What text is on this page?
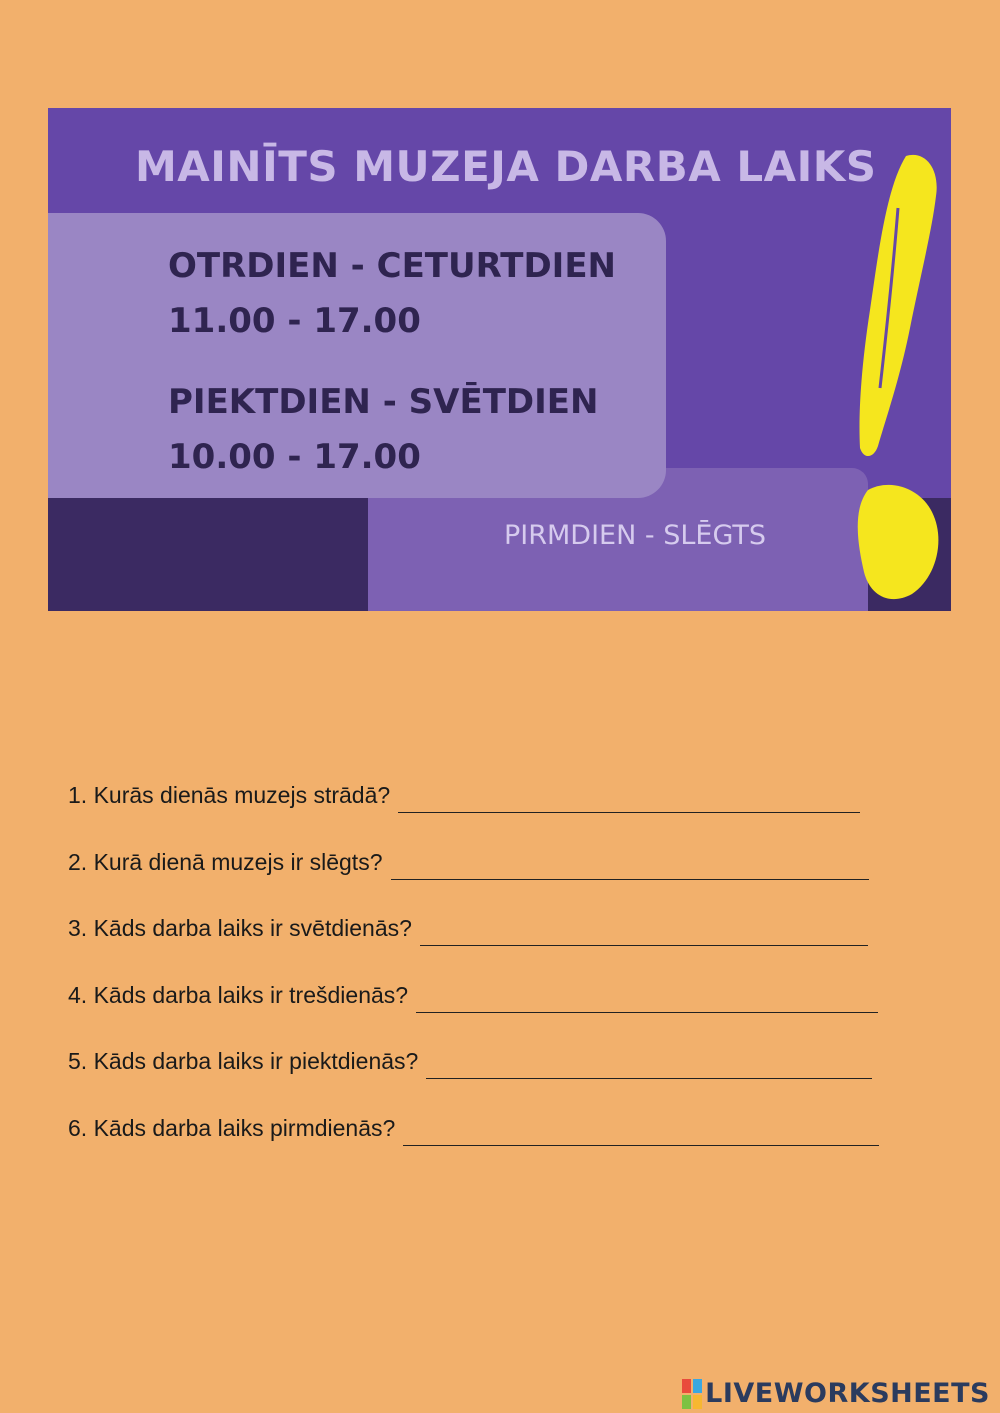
MAINĪTS MUZEJA DARBA LAIKS
OTRDIEN - CETURTDIEN
11.00 - 17.00
PIEKTDIEN - SVĒTDIEN
10.00 - 17.00
PIRMDIEN - SLĒGTS
1. Kurās dienās muzejs strādā?
2. Kurā dienā muzejs ir slēgts?
3. Kāds darba laiks ir svētdienās?
4. Kāds darba laiks ir trešdienās?
5. Kāds darba laiks ir piektdienās?
6. Kāds darba laiks pirmdienās?
LIVEWORKSHEETS
